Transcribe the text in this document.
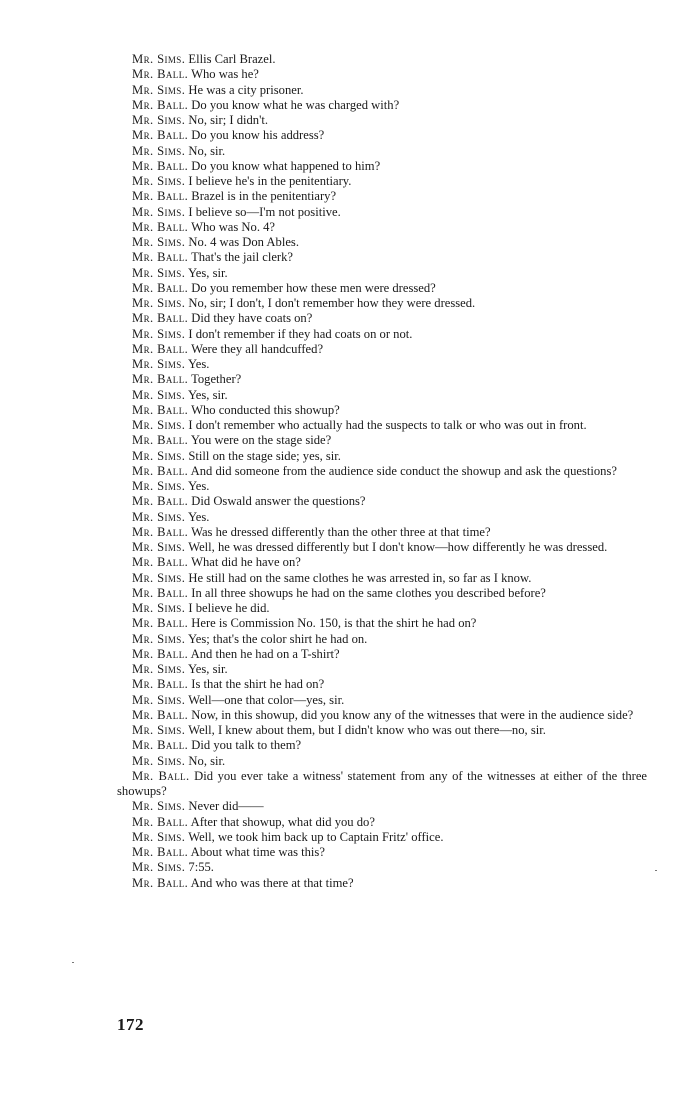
Mr. Sims. Ellis Carl Brazel.

Mr. Ball. Who was he?

Mr. Sims. He was a city prisoner.

Mr. Ball. Do you know what he was charged with?

Mr. Sims. No, sir; I didn't.

Mr. Ball. Do you know his address?

Mr. Sims. No, sir.

Mr. Ball. Do you know what happened to him?

Mr. Sims. I believe he's in the penitentiary.

Mr. Ball. Brazel is in the penitentiary?

Mr. Sims. I believe so—I'm not positive.

Mr. Ball. Who was No. 4?

Mr. Sims. No. 4 was Don Ables.

Mr. Ball. That's the jail clerk?

Mr. Sims. Yes, sir.

Mr. Ball. Do you remember how these men were dressed?

Mr. Sims. No, sir; I don't, I don't remember how they were dressed.

Mr. Ball. Did they have coats on?

Mr. Sims. I don't remember if they had coats on or not.

Mr. Ball. Were they all handcuffed?

Mr. Sims. Yes.

Mr. Ball. Together?

Mr. Sims. Yes, sir.

Mr. Ball. Who conducted this showup?

Mr. Sims. I don't remember who actually had the suspects to talk or who was out in front.

Mr. Ball. You were on the stage side?

Mr. Sims. Still on the stage side; yes, sir.

Mr. Ball. And did someone from the audience side conduct the showup and ask the questions?

Mr. Sims. Yes.

Mr. Ball. Did Oswald answer the questions?

Mr. Sims. Yes.

Mr. Ball. Was he dressed differently than the other three at that time?

Mr. Sims. Well, he was dressed differently but I don't know—how differently he was dressed.

Mr. Ball. What did he have on?

Mr. Sims. He still had on the same clothes he was arrested in, so far as I know.

Mr. Ball. In all three showups he had on the same clothes you described before?

Mr. Sims. I believe he did.

Mr. Ball. Here is Commission No. 150, is that the shirt he had on?

Mr. Sims. Yes; that's the color shirt he had on.

Mr. Ball. And then he had on a T-shirt?

Mr. Sims. Yes, sir.

Mr. Ball. Is that the shirt he had on?

Mr. Sims. Well—one that color—yes, sir.

Mr. Ball. Now, in this showup, did you know any of the witnesses that were in the audience side?

Mr. Sims. Well, I knew about them, but I didn't know who was out there—no, sir.

Mr. Ball. Did you talk to them?

Mr. Sims. No, sir.

Mr. Ball. Did you ever take a witness' statement from any of the witnesses at either of the three showups?

Mr. Sims. Never did——

Mr. Ball. After that showup, what did you do?

Mr. Sims. Well, we took him back up to Captain Fritz' office.

Mr. Ball. About what time was this?

Mr. Sims. 7:55.

Mr. Ball. And who was there at that time?

172
